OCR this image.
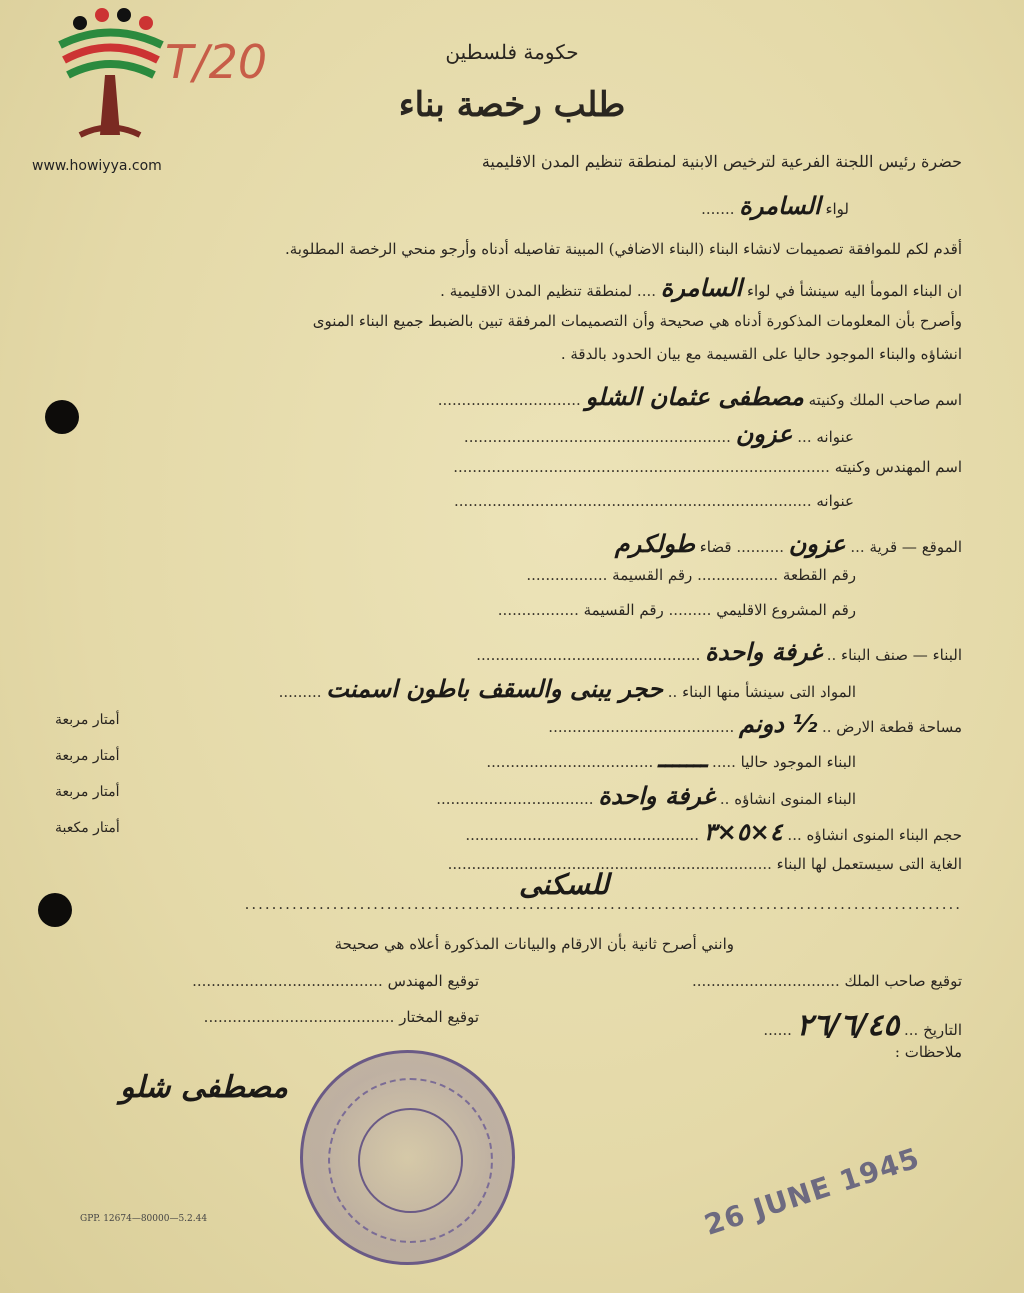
www.howiyya.com
T/20	حكومة فلسطين
طلب رخصة بناء
حضرة رئيس اللجنة الفرعية لترخيص الابنية لمنطقة تنظيم المدن الاقليمية
لواء السامرة .......
أقدم لكم للموافقة تصميمات لانشاء البناء (البناء الاضافي) المبينة تفاصيله أدناه وأرجو منحي الرخصة المطلوبة.
ان البناء المومأ اليه سينشأ في لواء السامرة .... لمنطقة تنظيم المدن الاقليمية .
وأصرح بأن المعلومات المذكورة أدناه هي صحيحة وأن التصميمات المرفقة تبين بالضبط جميع البناء المنوى
انشاؤه والبناء الموجود حاليا على القسيمة مع بيان الحدود بالدقة .
اسم صاحب الملك وكنيته مصطفى عثمان الشلو ..............................
عنوانه ... عزون ........................................................
اسم المهندس وكنيته ...............................................................................
عنوانه ...........................................................................
الموقع — قرية ... عزون .......... قضاء طولكرم
رقم القطعة ................. رقم القسيمة .................
رقم المشروع الاقليمي ......... رقم القسيمة .................
البناء — صنف البناء .. غرفة واحدة ...............................................
المواد التى سينشأ منها البناء .. حجر يبنى والسقف باطون اسمنت .........
مساحة قطعة الارض .. ½ دونم .......................................
أمتار مربعة
البناء الموجود حاليا ..... ـــــــ ...................................
أمتار مربعة
البناء المنوى انشاؤه .. غرفة واحدة .................................
أمتار مربعة
حجم البناء المنوى انشاؤه ... ٤×٥×٣ .................................................
أمتار مكعبة
الغاية التى سيستعمل لها البناء ....................................................................
للسكنى
..........................................................................................................
وانني أصرح ثانية بأن الارقام والبيانات المذكورة أعلاه هي صحيحة
توقيع صاحب الملك ...............................
توقيع المهندس ........................................
التاريخ ... ٢٦/٦/٤٥ ......
توقيع المختار ........................................
ملاحظات :
مصطفى شلو
26 JUNE 1945
GPP. 12674—80000—5.2.44
